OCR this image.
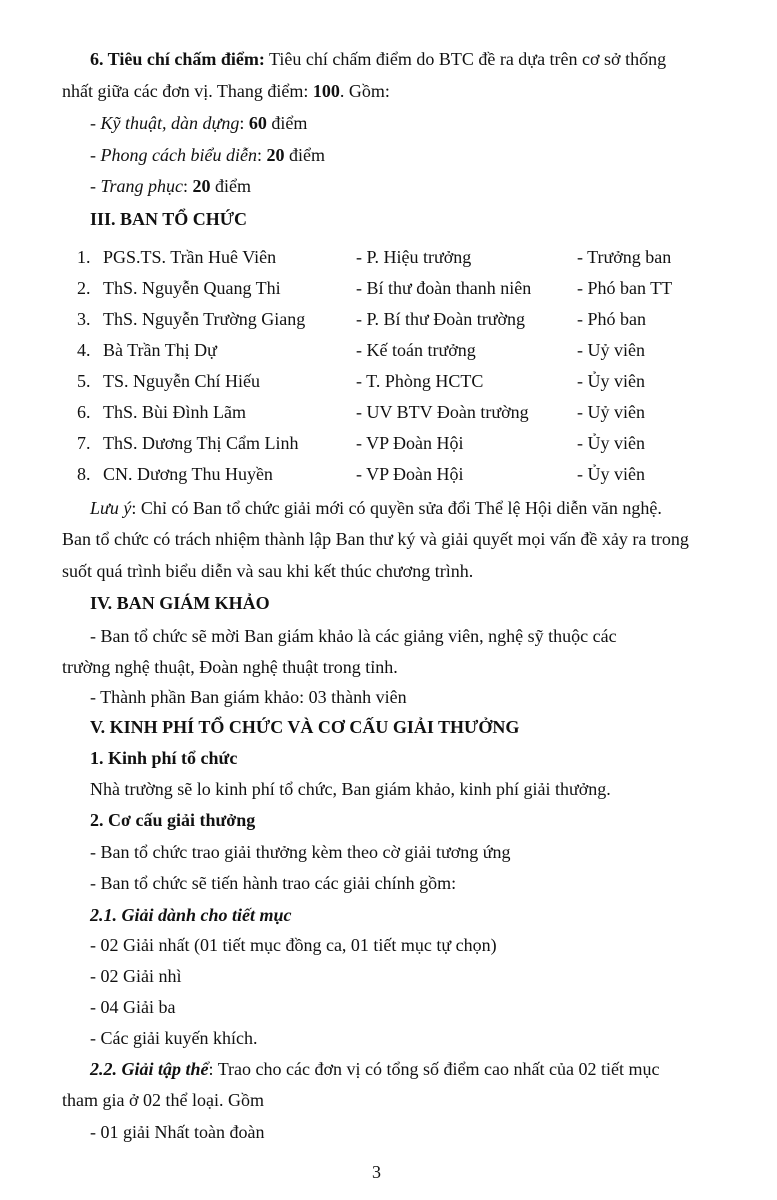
6. Tiêu chí chấm điểm: Tiêu chí chấm điểm do BTC đề ra dựa trên cơ sở thống
nhất giữa các đơn vị. Thang điểm: 100. Gồm:
- Kỹ thuật, dàn dựng: 60 điểm
- Phong cách biểu diễn: 20 điểm
- Trang phục: 20 điểm
III. BAN TỔ CHỨC
1. PGS.TS. Trần Huê Viên	- P. Hiệu trưởng	- Trưởng ban
2. ThS. Nguyễn Quang Thi	- Bí thư đoàn thanh niên	- Phó ban TT
3. ThS. Nguyễn Trường Giang	- P. Bí thư Đoàn trường	- Phó ban
4. Bà Trần Thị Dự	- Kế toán trưởng	- Uỷ viên
5. TS. Nguyễn Chí Hiếu	- T. Phòng HCTC	- Ủy viên
6. ThS. Bùi Đình Lãm	- UV BTV Đoàn trường	- Uỷ viên
7. ThS. Dương Thị Cẩm Linh	- VP Đoàn Hội	- Ủy viên
8. CN. Dương Thu Huyền	- VP Đoàn Hội	- Ủy viên
Lưu ý: Chỉ có Ban tổ chức giải mới có quyền sửa đổi Thể lệ Hội diễn văn nghệ.
Ban tổ chức có trách nhiệm thành lập Ban thư ký và giải quyết mọi vấn đề xảy ra trong
suốt quá trình biểu diễn và sau khi kết thúc chương trình.
IV. BAN GIÁM KHẢO
- Ban tổ chức sẽ mời Ban giám khảo là các giảng viên, nghệ sỹ thuộc các
trường nghệ thuật, Đoàn nghệ thuật trong tỉnh.
- Thành phần Ban giám khảo: 03 thành viên
V. KINH PHÍ TỔ CHỨC VÀ CƠ CẤU GIẢI THƯỞNG
1. Kinh phí tổ chức
Nhà trường sẽ lo kinh phí tổ chức, Ban giám khảo, kinh phí giải thưởng.
2. Cơ cấu giải thưởng
- Ban tổ chức trao giải thưởng kèm theo cờ giải tương ứng
- Ban tổ chức sẽ tiến hành trao các giải chính gồm:
2.1. Giải dành cho tiết mục
- 02 Giải nhất (01 tiết mục đồng ca, 01 tiết mục tự chọn)
- 02 Giải nhì
- 04 Giải ba
- Các giải kuyến khích.
2.2. Giải tập thể: Trao cho các đơn vị có tổng số điểm cao nhất của 02 tiết mục
tham gia ở 02 thể loại. Gồm
- 01 giải Nhất toàn đoàn
3
